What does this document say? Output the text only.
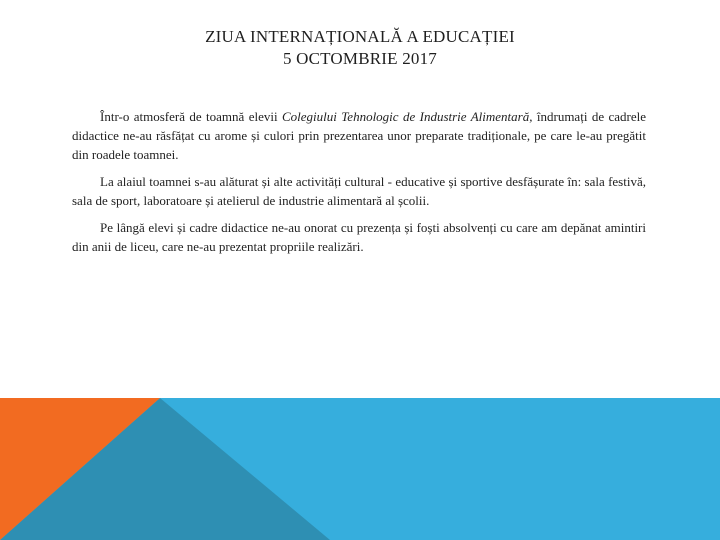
ZIUA INTERNAȚIONALĂ A EDUCAȚIEI
5 OCTOMBRIE 2017

Într-o atmosferă de toamnă elevii Colegiului Tehnologic de Industrie Alimentară, îndrumați de cadrele didactice ne-au răsfățat cu arome și culori prin prezentarea unor preparate tradiționale, pe care le-au pregătit din roadele toamnei.

La alaiul toamnei s-au alăturat și alte activități cultural - educative și sportive desfășurate în: sala festivă, sala de sport, laboratoare și atelierul de industrie alimentară al școlii.

Pe lângă elevi și cadre didactice ne-au onorat cu prezența și foști absolvenți cu care am depănat amintiri din anii de liceu, care ne-au prezentat propriile realizări.
